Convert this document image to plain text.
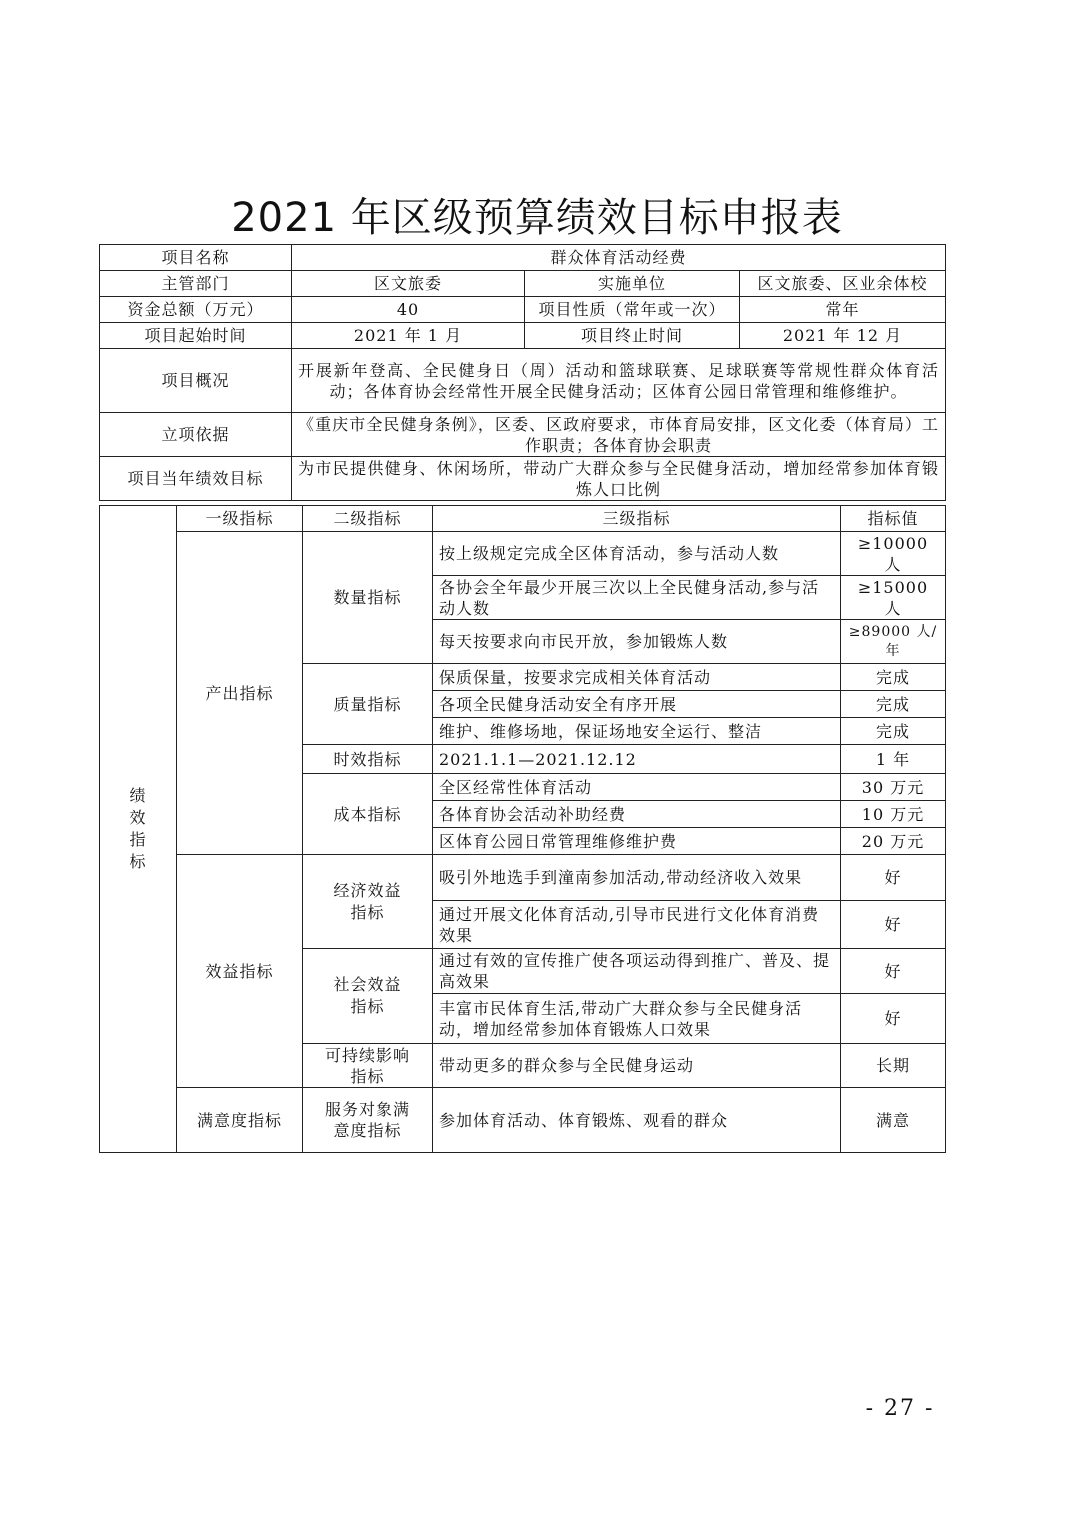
2021 年区级预算绩效目标申报表
项目名称	群众体育活动经费		
主管部门	区文旅委	实施单位	区文旅委、区业余体校
资金总额（万元）	40	项目性质（常年或一次）	常年
项目起始时间	2021 年 1 月	项目终止时间	2021 年 12 月
项目概况	开展新年登高、全民健身日（周）活动和篮球联赛、足球联赛等常规性群众体育活动；各体育协会经常性开展全民健身活动；区体育公园日常管理和维修维护。		
立项依据	《重庆市全民健身条例》，区委、区政府要求，市体育局安排，区文化委（体育局）工作职责；各体育协会职责		
项目当年绩效目标	为市民提供健身、休闲场所，带动广大群众参与全民健身活动，增加经常参加体育锻炼人口比例		
绩效指标	一级指标	二级指标	三级指标	指标值
	产出指标	数量指标	按上级规定完成全区体育活动，参与活动人数	≥10000 人
			各协会全年最少开展三次以上全民健身活动,参与活动人数	≥15000 人
			每天按要求向市民开放，参加锻炼人数	≥89000 人/年
		质量指标	保质保量，按要求完成相关体育活动	完成
			各项全民健身活动安全有序开展	完成
			维护、维修场地，保证场地安全运行、整洁	完成
		时效指标	2021.1.1—2021.12.12	1 年
		成本指标	全区经常性体育活动	30 万元
			各体育协会活动补助经费	10 万元
			区体育公园日常管理维修维护费	20 万元
	效益指标	经济效益指标	吸引外地选手到潼南参加活动,带动经济收入效果	好
			通过开展文化体育活动,引导市民进行文化体育消费效果	好
		社会效益指标	通过有效的宣传推广使各项运动得到推广、普及、提高效果	好
			丰富市民体育生活,带动广大群众参与全民健身活动，增加经常参加体育锻炼人口效果	好
		可持续影响指标	带动更多的群众参与全民健身运动	长期
	满意度指标	服务对象满意度指标	参加体育活动、体育锻炼、观看的群众	满意
- 27 -
